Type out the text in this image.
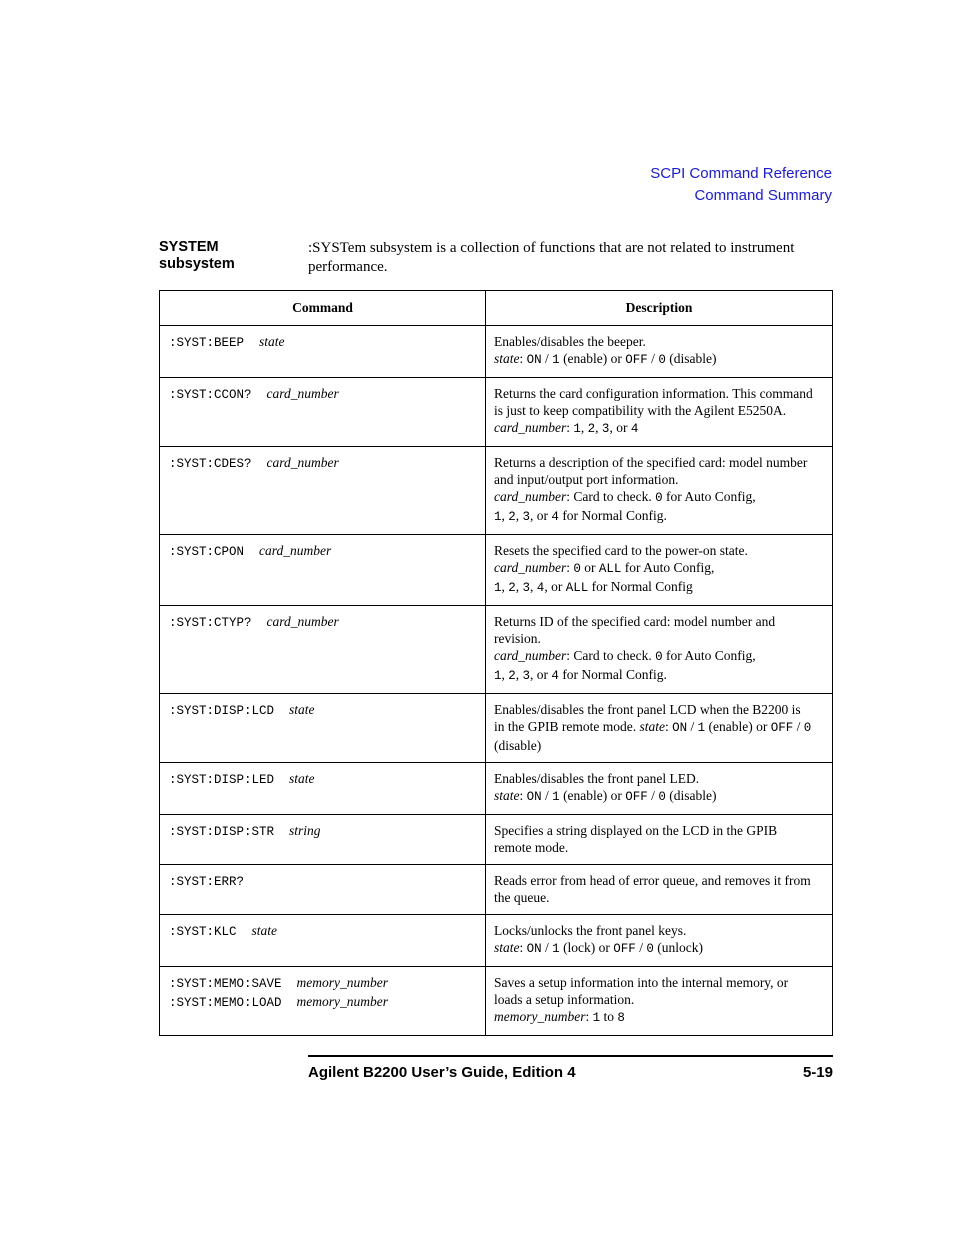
SCPI Command Reference
Command Summary
SYSTEM
subsystem
:SYSTem subsystem is a collection of functions that are not related to instrument performance.
Command	Description

:SYST:BEEP  state	Enables/disables the beeper.
state: ON / 1 (enable) or OFF / 0 (disable)

:SYST:CCON?  card_number	Returns the card configuration information. This command
is just to keep compatibility with the Agilent E5250A.
card_number: 1, 2, 3, or 4

:SYST:CDES?  card_number	Returns a description of the specified card: model number
and input/output port information.
card_number: Card to check. 0 for Auto Config,
1, 2, 3, or 4 for Normal Config.

:SYST:CPON  card_number	Resets the specified card to the power-on state.
card_number: 0 or ALL for Auto Config,
1, 2, 3, 4, or ALL for Normal Config

:SYST:CTYP?  card_number	Returns ID of the specified card: model number and
revision.
card_number: Card to check. 0 for Auto Config,
1, 2, 3, or 4 for Normal Config.

:SYST:DISP:LCD  state	Enables/disables the front panel LCD when the B2200 is
in the GPIB remote mode. state: ON / 1 (enable) or OFF / 0
(disable)

:SYST:DISP:LED  state	Enables/disables the front panel LED.
state: ON / 1 (enable) or OFF / 0 (disable)

:SYST:DISP:STR  string	Specifies a string displayed on the LCD in the GPIB
remote mode.

:SYST:ERR?	Reads error from head of error queue, and removes it from
the queue.

:SYST:KLC  state	Locks/unlocks the front panel keys.
state: ON / 1 (lock) or OFF / 0 (unlock)

:SYST:MEMO:SAVE  memory_number
:SYST:MEMO:LOAD  memory_number	Saves a setup information into the internal memory, or
loads a setup information.
memory_number: 1 to 8
Agilent B2200 User’s Guide, Edition 4	5-19
